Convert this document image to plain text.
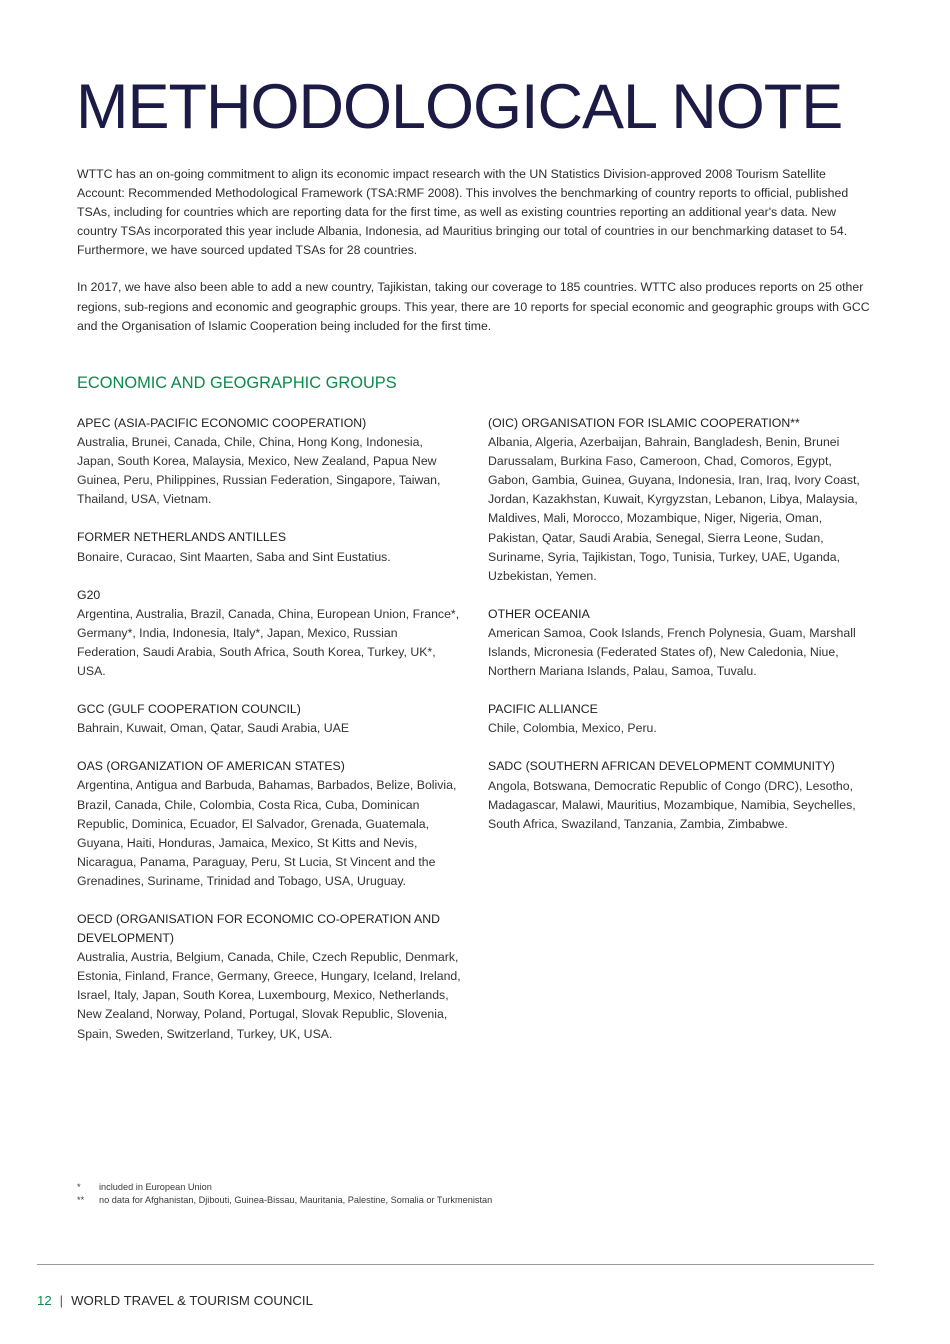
METHODOLOGICAL NOTE

WTTC has an on-going commitment to align its economic impact research with the UN Statistics Division-approved 2008 Tourism Satellite Account: Recommended Methodological Framework (TSA:RMF 2008). This involves the benchmarking of country reports to official, published TSAs, including for countries which are reporting data for the first time, as well as existing countries reporting an additional year's data. New country TSAs incorporated this year include Albania, Indonesia, ad Mauritius bringing our total of countries in our benchmarking dataset to 54. Furthermore, we have sourced updated TSAs for 28 countries.

In 2017, we have also been able to add a new country, Tajikistan, taking our coverage to 185 countries. WTTC also produces reports on 25 other regions, sub-regions and economic and geographic groups. This year, there are 10 reports for special economic and geographic groups with GCC and the Organisation of Islamic Cooperation being included for the first time.

ECONOMIC AND GEOGRAPHIC GROUPS
APEC (ASIA-PACIFIC ECONOMIC COOPERATION)
Australia, Brunei, Canada, Chile, China, Hong Kong, Indonesia, Japan, South Korea, Malaysia, Mexico, New Zealand, Papua New Guinea, Peru, Philippines, Russian Federation, Singapore, Taiwan, Thailand, USA, Vietnam.
FORMER NETHERLANDS ANTILLES
Bonaire, Curacao, Sint Maarten, Saba and Sint Eustatius.
G20
Argentina, Australia, Brazil, Canada, China, European Union, France*, Germany*, India, Indonesia, Italy*, Japan, Mexico, Russian Federation, Saudi Arabia, South Africa, South Korea, Turkey, UK*, USA.
GCC (GULF COOPERATION COUNCIL)
Bahrain, Kuwait, Oman, Qatar, Saudi Arabia, UAE
OAS (ORGANIZATION OF AMERICAN STATES)
Argentina, Antigua and Barbuda, Bahamas, Barbados, Belize, Bolivia, Brazil, Canada, Chile, Colombia, Costa Rica, Cuba, Dominican Republic, Dominica, Ecuador, El Salvador, Grenada, Guatemala, Guyana, Haiti, Honduras, Jamaica, Mexico, St Kitts and Nevis, Nicaragua, Panama, Paraguay, Peru, St Lucia, St Vincent and the Grenadines, Suriname, Trinidad and Tobago, USA, Uruguay.
OECD (ORGANISATION FOR ECONOMIC CO-OPERATION AND DEVELOPMENT)
Australia, Austria, Belgium, Canada, Chile, Czech Republic, Denmark, Estonia, Finland, France, Germany, Greece, Hungary, Iceland, Ireland, Israel, Italy, Japan, South Korea, Luxembourg, Mexico, Netherlands, New Zealand, Norway, Poland, Portugal, Slovak Republic, Slovenia, Spain, Sweden, Switzerland, Turkey, UK, USA.
(OIC) ORGANISATION FOR ISLAMIC COOPERATION**
Albania, Algeria, Azerbaijan, Bahrain, Bangladesh, Benin, Brunei Darussalam, Burkina Faso, Cameroon, Chad, Comoros, Egypt, Gabon, Gambia, Guinea, Guyana, Indonesia, Iran, Iraq, Ivory Coast, Jordan, Kazakhstan, Kuwait, Kyrgyzstan, Lebanon, Libya, Malaysia, Maldives, Mali, Morocco, Mozambique, Niger, Nigeria, Oman, Pakistan, Qatar, Saudi Arabia, Senegal, Sierra Leone, Sudan, Suriname, Syria, Tajikistan, Togo, Tunisia, Turkey, UAE, Uganda, Uzbekistan, Yemen.
OTHER OCEANIA
American Samoa, Cook Islands, French Polynesia, Guam, Marshall Islands, Micronesia (Federated States of), New Caledonia, Niue, Northern Mariana Islands, Palau, Samoa, Tuvalu.
PACIFIC ALLIANCE
Chile, Colombia, Mexico, Peru.
SADC (SOUTHERN AFRICAN DEVELOPMENT COMMUNITY)
Angola, Botswana, Democratic Republic of Congo (DRC), Lesotho, Madagascar, Malawi, Mauritius, Mozambique, Namibia, Seychelles, South Africa, Swaziland, Tanzania, Zambia, Zimbabwe.
*	included in European Union
**	no data for Afghanistan, Djibouti, Guinea-Bissau, Mauritania, Palestine, Somalia or Turkmenistan
12 | WORLD TRAVEL & TOURISM COUNCIL
